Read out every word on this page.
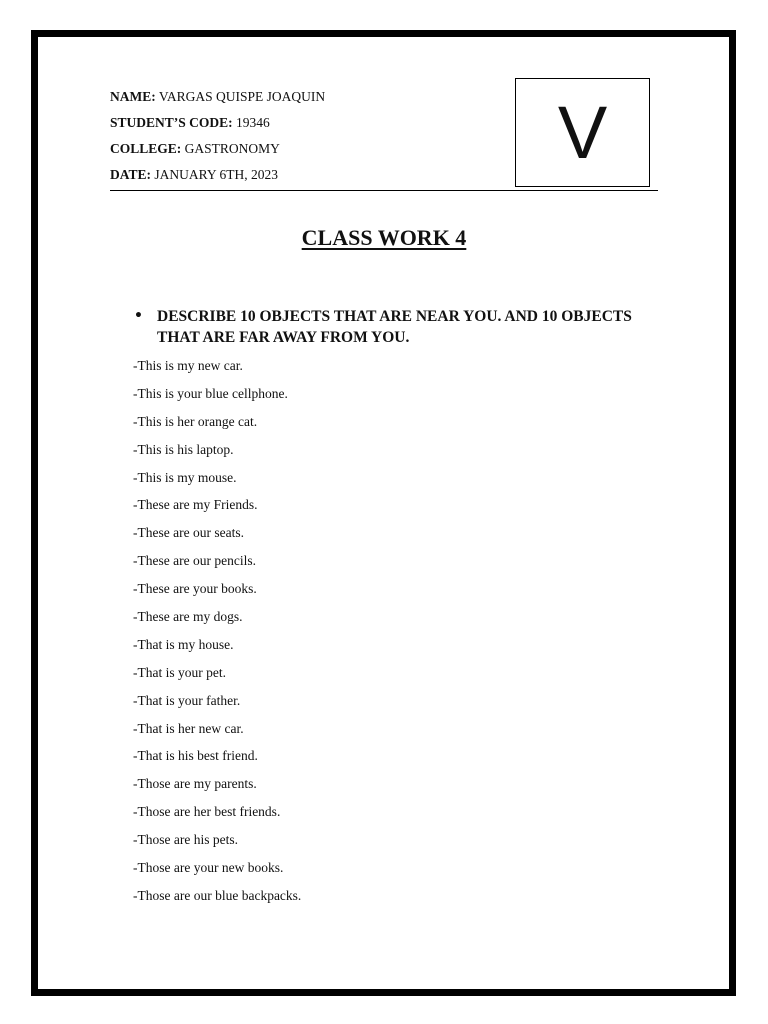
NAME: VARGAS QUISPE JOAQUIN
STUDENT’S CODE: 19346
COLLEGE: GASTRONOMY
DATE: JANUARY 6TH, 2023
V
CLASS WORK 4
• DESCRIBE 10 OBJECTS THAT ARE NEAR YOU. AND 10 OBJECTS THAT ARE FAR AWAY FROM YOU.
-This is my new car.
-This is your blue cellphone.
-This is her orange cat.
-This is his laptop.
-This is my mouse.
-These are my Friends.
-These are our seats.
-These are our pencils.
-These are your books.
-These are my dogs.
-That is my house.
-That is your pet.
-That is your father.
-That is her new car.
-That is his best friend.
-Those are my parents.
-Those are her best friends.
-Those are his pets.
-Those are your new books.
-Those are our blue backpacks.
